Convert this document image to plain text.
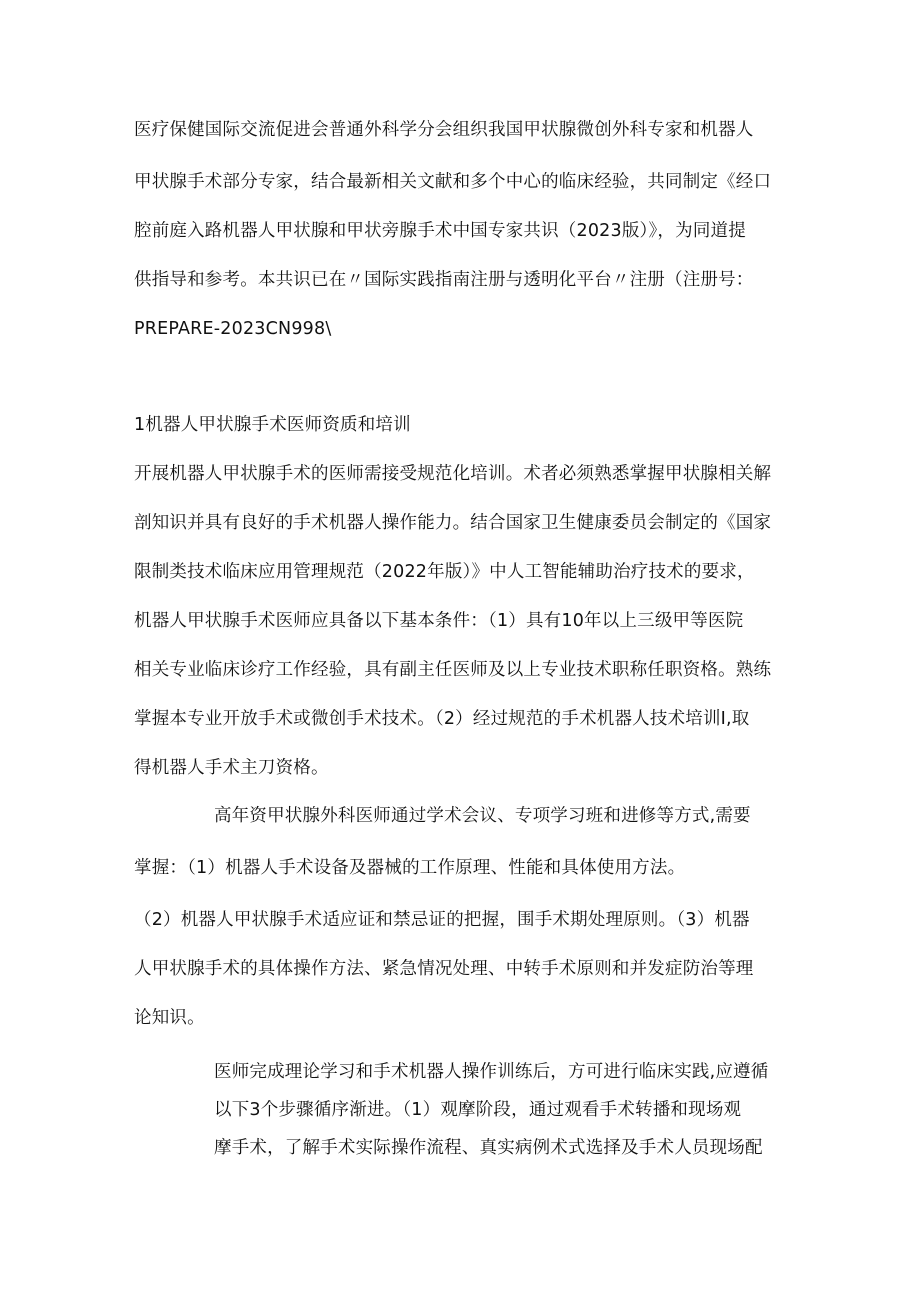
医疗保健国际交流促进会普通外科学分会组织我国甲状腺微创外科专家和机器人
甲状腺手术部分专家，结合最新相关文献和多个中心的临床经验，共同制定《经口
腔前庭入路机器人甲状腺和甲状旁腺手术中国专家共识（2023版）》，为同道提
供指导和参考。本共识已在〃国际实践指南注册与透明化平台〃注册（注册号：
PREPARE-2023CN998\
1机器人甲状腺手术医师资质和培训
开展机器人甲状腺手术的医师需接受规范化培训。术者必须熟悉掌握甲状腺相关解
剖知识并具有良好的手术机器人操作能力。结合国家卫生健康委员会制定的《国家
限制类技术临床应用管理规范（2022年版）》中人工智能辅助治疗技术的要求，
机器人甲状腺手术医师应具备以下基本条件：（1）具有10年以上三级甲等医院
相关专业临床诊疗工作经验，具有副主任医师及以上专业技术职称任职资格。熟练
掌握本专业开放手术或微创手术技术。（2）经过规范的手术机器人技术培训I,取
得机器人手术主刀资格。
高年资甲状腺外科医师通过学术会议、专项学习班和进修等方式,需要
掌握：（1）机器人手术设备及器械的工作原理、性能和具体使用方法。
（2）机器人甲状腺手术适应证和禁忌证的把握，围手术期处理原则。（3）机器
人甲状腺手术的具体操作方法、紧急情况处理、中转手术原则和并发症防治等理
论知识。
医师完成理论学习和手术机器人操作训练后，方可进行临床实践,应遵循
以下3个步骤循序渐进。（1）观摩阶段，通过观看手术转播和现场观
摩手术，了解手术实际操作流程、真实病例术式选择及手术人员现场配
